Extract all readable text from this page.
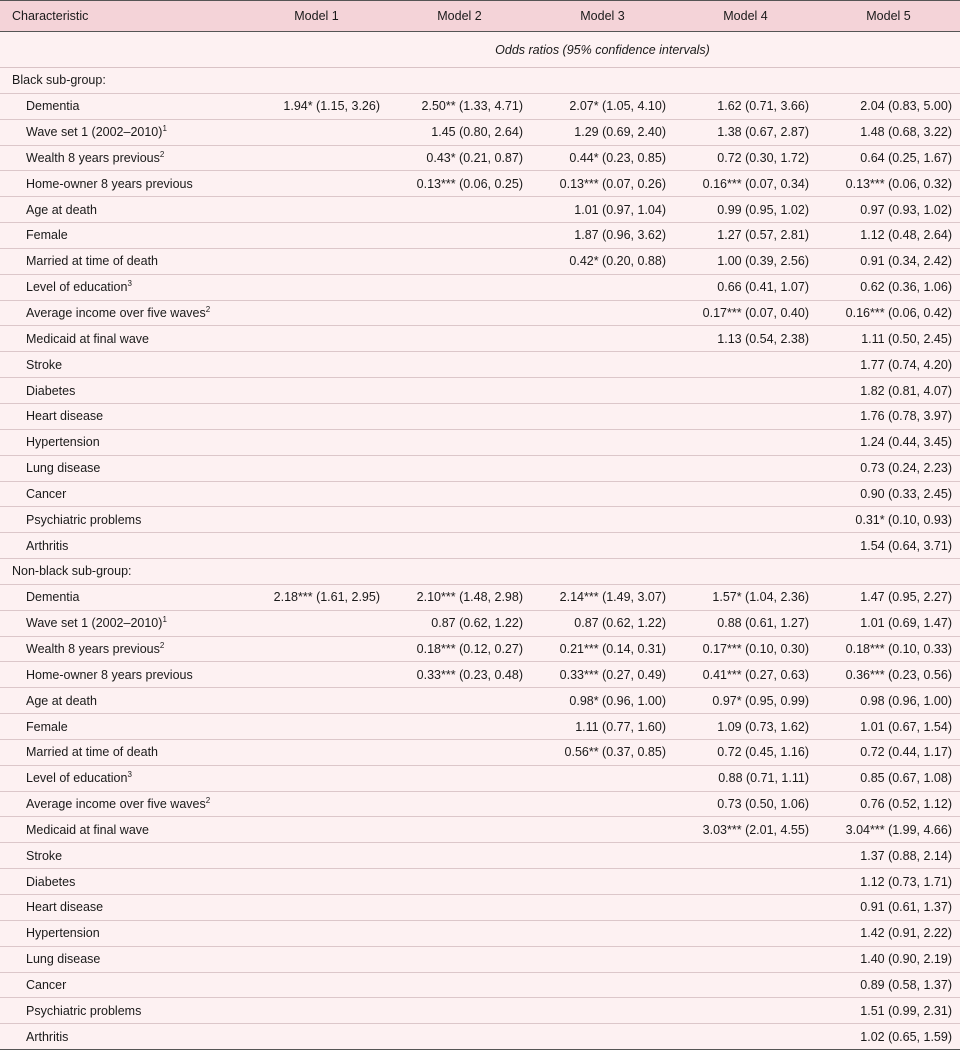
Characteristic	Model 1	Model 2	Model 3	Model 4	Model 5
	Odds ratios (95% confidence intervals)				
Black sub-group:					
Dementia	1.94* (1.15, 3.26)	2.50** (1.33, 4.71)	2.07* (1.05, 4.10)	1.62 (0.71, 3.66)	2.04 (0.83, 5.00)
Wave set 1 (2002–2010)$^1$		1.45 (0.80, 2.64)	1.29 (0.69, 2.40)	1.38 (0.67, 2.87)	1.48 (0.68, 3.22)
Wealth 8 years previous$^2$		0.43* (0.21, 0.87)	0.44* (0.23, 0.85)	0.72 (0.30, 1.72)	0.64 (0.25, 1.67)
Home-owner 8 years previous		0.13*** (0.06, 0.25)	0.13*** (0.07, 0.26)	0.16*** (0.07, 0.34)	0.13*** (0.06, 0.32)
Age at death			1.01 (0.97, 1.04)	0.99 (0.95, 1.02)	0.97 (0.93, 1.02)
Female			1.87 (0.96, 3.62)	1.27 (0.57, 2.81)	1.12 (0.48, 2.64)
Married at time of death			0.42* (0.20, 0.88)	1.00 (0.39, 2.56)	0.91 (0.34, 2.42)
Level of education$^3$				0.66 (0.41, 1.07)	0.62 (0.36, 1.06)
Average income over five waves$^2$				0.17*** (0.07, 0.40)	0.16*** (0.06, 0.42)
Medicaid at final wave				1.13 (0.54, 2.38)	1.11 (0.50, 2.45)
Stroke					1.77 (0.74, 4.20)
Diabetes					1.82 (0.81, 4.07)
Heart disease					1.76 (0.78, 3.97)
Hypertension					1.24 (0.44, 3.45)
Lung disease					0.73 (0.24, 2.23)
Cancer					0.90 (0.33, 2.45)
Psychiatric problems					0.31* (0.10, 0.93)
Arthritis					1.54 (0.64, 3.71)
Non-black sub-group:					
Dementia	2.18*** (1.61, 2.95)	2.10*** (1.48, 2.98)	2.14*** (1.49, 3.07)	1.57* (1.04, 2.36)	1.47 (0.95, 2.27)
Wave set 1 (2002–2010)$^1$		0.87 (0.62, 1.22)	0.87 (0.62, 1.22)	0.88 (0.61, 1.27)	1.01 (0.69, 1.47)
Wealth 8 years previous$^2$		0.18*** (0.12, 0.27)	0.21*** (0.14, 0.31)	0.17*** (0.10, 0.30)	0.18*** (0.10, 0.33)
Home-owner 8 years previous		0.33*** (0.23, 0.48)	0.33*** (0.27, 0.49)	0.41*** (0.27, 0.63)	0.36*** (0.23, 0.56)
Age at death			0.98* (0.96, 1.00)	0.97* (0.95, 0.99)	0.98 (0.96, 1.00)
Female			1.11 (0.77, 1.60)	1.09 (0.73, 1.62)	1.01 (0.67, 1.54)
Married at time of death			0.56** (0.37, 0.85)	0.72 (0.45, 1.16)	0.72 (0.44, 1.17)
Level of education$^3$				0.88 (0.71, 1.11)	0.85 (0.67, 1.08)
Average income over five waves$^2$				0.73 (0.50, 1.06)	0.76 (0.52, 1.12)
Medicaid at final wave				3.03*** (2.01, 4.55)	3.04*** (1.99, 4.66)
Stroke					1.37 (0.88, 2.14)
Diabetes					1.12 (0.73, 1.71)
Heart disease					0.91 (0.61, 1.37)
Hypertension					1.42 (0.91, 2.22)
Lung disease					1.40 (0.90, 2.19)
Cancer					0.89 (0.58, 1.37)
Psychiatric problems					1.51 (0.99, 2.31)
Arthritis					1.02 (0.65, 1.59)
